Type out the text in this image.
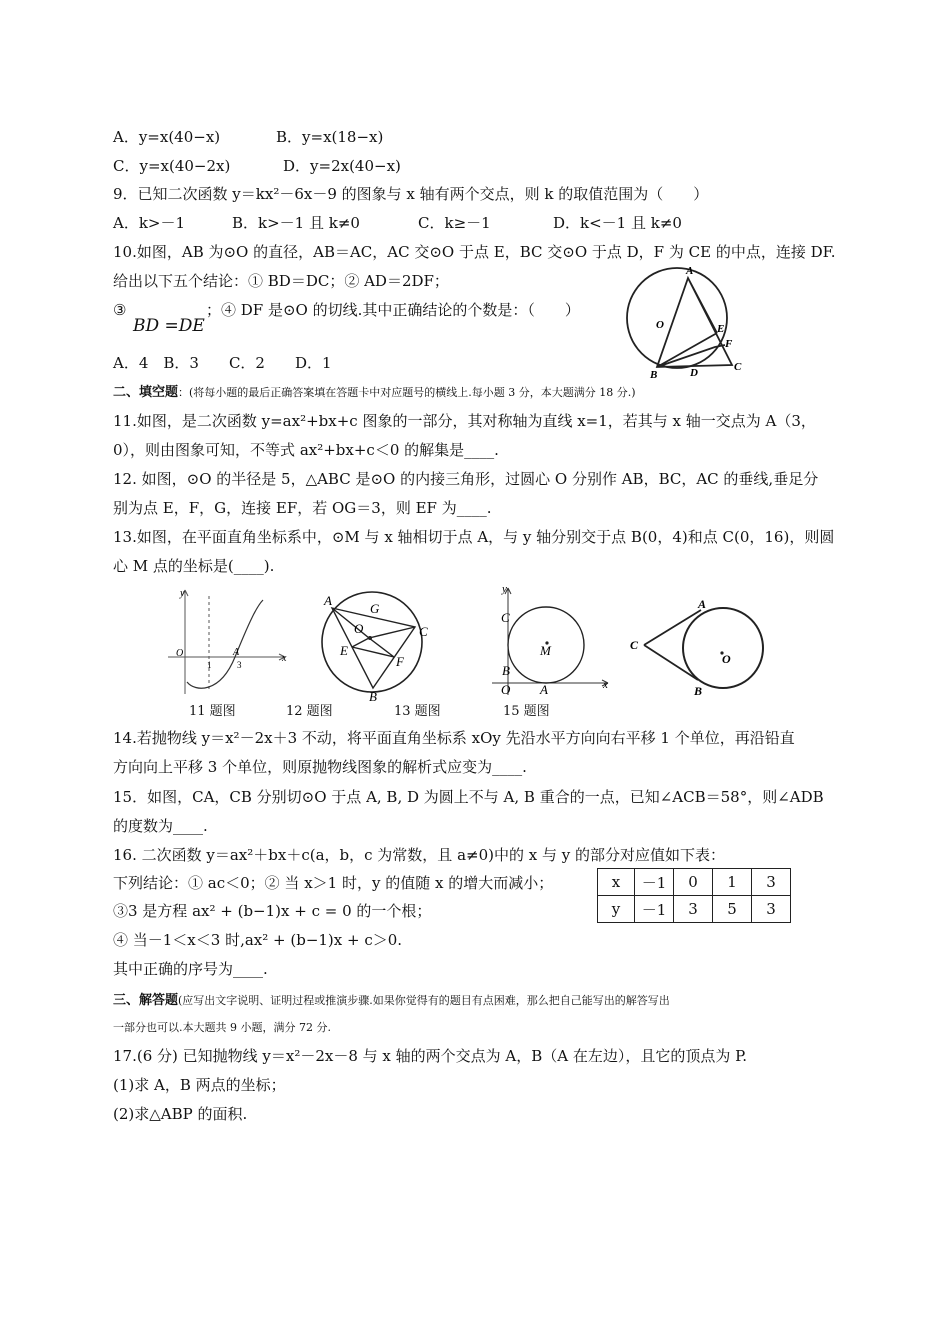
A．y=x(40−x)	B．y=x(18−x)
C．y=x(40−2x)	D．y=2x(40−x)
9．已知二次函数 y＝kx²－6x－9 的图象与 x 轴有两个交点，则 k 的取值范围为（　　）
A．k>－1	B．k>－1 且 k≠0	C．k≥－1	D．k<－1 且 k≠0
10.如图，AB 为⊙O 的直径，AB＝AC，AC 交⊙O 于点 E，BC 交⊙O 于点 D，F 为 CE 的中点，连接 DF.
给出以下五个结论：① BD＝DC；② AD＝2DF；
③
BD =DE
；④ DF 是⊙O 的切线.其中正确结论的个数是：（　　）
A．4　B．3　　C．2　　D．1
A
O	E
F
C
D
B
二、填空题：(将每小题的最后正确答案填在答题卡中对应题号的横线上.每小题 3 分，本大题满分 18 分.)
11.如图，是二次函数 y=ax²+bx+c 图象的一部分，其对称轴为直线 x=1，若其与 x 轴一交点为 A（3，
0），则由图象可知，不等式 ax²+bx+c＜0 的解集是____.
12. 如图，⊙O 的半径是 5，△ABC 是⊙O 的内接三角形，过圆心 O 分别作 AB，BC，AC 的垂线,垂足分
别为点 E，F，G，连接 EF，若 OG＝3，则 EF 为____.
13.如图，在平面直角坐标系中，⊙M 与 x 轴相切于点 A，与 y 轴分别交于点 B(0，4)和点 C(0，16)，则圆
心 M 点的坐标是(____).
y
O
1
A
3
x
A
G
O	C
E
F
B
y
C
M
B
O A	x
A
C
O
B
11 题图	12 题图	13 题图	15 题图
14.若抛物线 y＝x²－2x＋3 不动，将平面直角坐标系 xOy 先沿水平方向向右平移 1 个单位，再沿铅直
方向向上平移 3 个单位，则原抛物线图象的解析式应变为____.
15．如图，CA，CB 分别切⊙O 于点 A, B, D 为圆上不与 A, B 重合的一点，已知∠ACB＝58°，则∠ADB
的度数为____.
16. 二次函数 y＝ax²＋bx＋c(a，b，c 为常数，且 a≠0)中的 x 与 y 的部分对应值如下表：
下列结论：① ac＜0；② 当 x＞1 时，y 的值随 x 的增大而减小；
③3 是方程 ax² + (b−1)x + c = 0 的一个根；
④ 当－1＜x＜3 时,ax² + (b−1)x + c＞0.
其中正确的序号为____.
x	－1	0	1	3
y	－1	3	5	3
三、解答题(应写出文字说明、证明过程或推演步骤.如果你觉得有的题目有点困难，那么把自己能写出的解答写出
一部分也可以.本大题共 9 小题，满分 72 分.
17.(6 分) 已知抛物线 y＝x²－2x－8 与 x 轴的两个交点为 A，B（A 在左边），且它的顶点为 P.
(1)求 A，B 两点的坐标；
(2)求△ABP 的面积.
